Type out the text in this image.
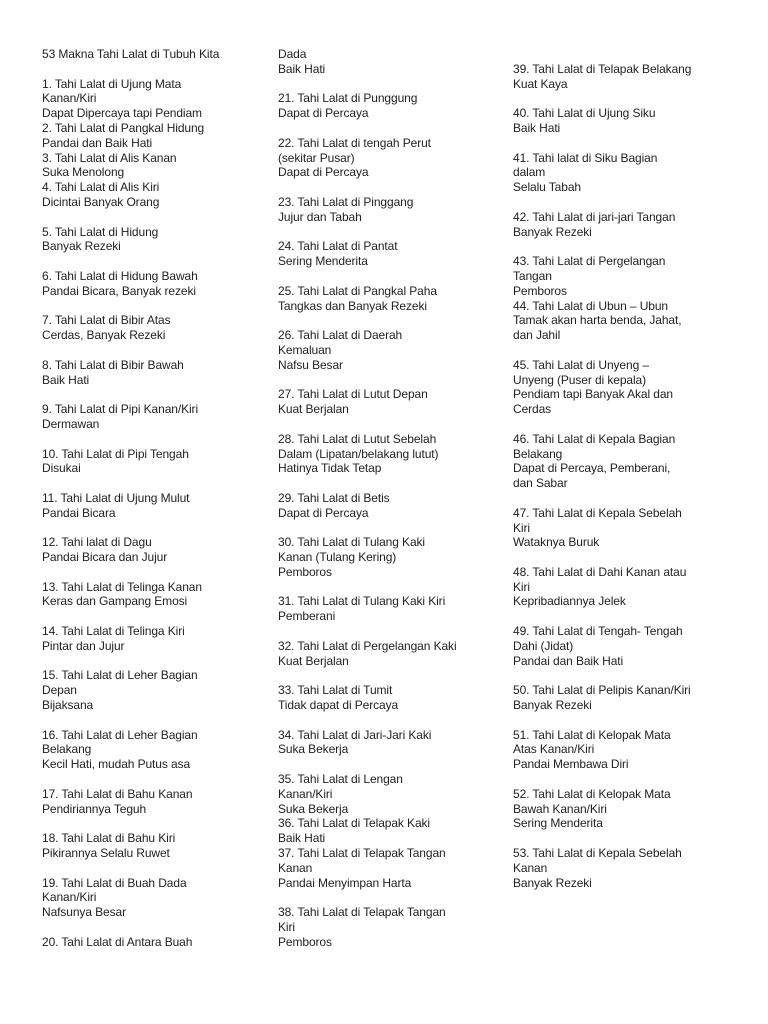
53 Makna Tahi Lalat di Tubuh Kita
1. Tahi Lalat di Ujung Mata
Kanan/Kiri
Dapat Dipercaya tapi Pendiam
2. Tahi Lalat di Pangkal Hidung
Pandai dan Baik Hati
3. Tahi Lalat di Alis Kanan
Suka Menolong
4. Tahi Lalat di Alis Kiri
Dicintai Banyak Orang
5. Tahi Lalat di Hidung
Banyak Rezeki
6. Tahi Lalat di Hidung Bawah
Pandai Bicara, Banyak rezeki
7. Tahi Lalat di Bibir Atas
Cerdas, Banyak Rezeki
8. Tahi Lalat di Bibir Bawah
Baik Hati
9. Tahi Lalat di Pipi Kanan/Kiri
Dermawan
10. Tahi Lalat di Pipi Tengah
Disukai
11. Tahi Lalat di Ujung Mulut
Pandai Bicara
12. Tahi lalat di Dagu
Pandai Bicara dan Jujur
13. Tahi Lalat di Telinga Kanan
Keras dan Gampang Emosi
14. Tahi Lalat di Telinga Kiri
Pintar dan Jujur
15. Tahi Lalat di Leher Bagian
Depan
Bijaksana
16. Tahi Lalat di Leher Bagian
Belakang
Kecil Hati, mudah Putus asa
17. Tahi Lalat di Bahu Kanan
Pendiriannya Teguh
18. Tahi Lalat di Bahu Kiri
Pikirannya Selalu Ruwet
19. Tahi Lalat di Buah Dada
Kanan/Kiri
Nafsunya Besar
20. Tahi Lalat di Antara Buah
Dada
Baik Hati
21. Tahi Lalat di Punggung
Dapat di Percaya
22. Tahi Lalat di tengah Perut
(sekitar Pusar)
Dapat di Percaya
23. Tahi Lalat di Pinggang
Jujur dan Tabah
24. Tahi Lalat di Pantat
Sering Menderita
25. Tahi Lalat di Pangkal Paha
Tangkas dan Banyak Rezeki
26. Tahi Lalat di Daerah
Kemaluan
Nafsu Besar
27. Tahi Lalat di Lutut Depan
Kuat Berjalan
28. Tahi Lalat di Lutut Sebelah
Dalam (Lipatan/belakang lutut)
Hatinya Tidak Tetap
29. Tahi Lalat di Betis
Dapat di Percaya
30. Tahi Lalat di Tulang Kaki
Kanan (Tulang Kering)
Pemboros
31. Tahi Lalat di Tulang Kaki Kiri
Pemberani
32. Tahi Lalat di Pergelangan Kaki
Kuat Berjalan
33. Tahi Lalat di Tumit
Tidak dapat di Percaya
34. Tahi Lalat di Jari-Jari Kaki
Suka Bekerja
35. Tahi Lalat di Lengan
Kanan/Kiri
Suka Bekerja
36. Tahi Lalat di Telapak Kaki
Baik Hati
37. Tahi Lalat di Telapak Tangan
Kanan
Pandai Menyimpan Harta
38. Tahi Lalat di Telapak Tangan
Kiri
Pemboros
39. Tahi Lalat di Telapak Belakang
Kuat Kaya
40. Tahi Lalat di Ujung Siku
Baik Hati
41. Tahi lalat di Siku Bagian
dalam
Selalu Tabah
42. Tahi Lalat di jari-jari Tangan
Banyak Rezeki
43. Tahi Lalat di Pergelangan
Tangan
Pemboros
44. Tahi Lalat di Ubun – Ubun
Tamak akan harta benda, Jahat,
dan Jahil
45. Tahi Lalat di Unyeng –
Unyeng (Puser di kepala)
Pendiam tapi Banyak Akal dan
Cerdas
46. Tahi Lalat di Kepala Bagian
Belakang
Dapat di Percaya, Pemberani,
dan Sabar
47. Tahi Lalat di Kepala Sebelah
Kiri
Wataknya Buruk
48. Tahi Lalat di Dahi Kanan atau
Kiri
Kepribadiannya Jelek
49. Tahi Lalat di Tengah- Tengah
Dahi (Jidat)
Pandai dan Baik Hati
50. Tahi Lalat di Pelipis Kanan/Kiri
Banyak Rezeki
51. Tahi Lalat di Kelopak Mata
Atas Kanan/Kiri
Pandai Membawa Diri
52. Tahi Lalat di Kelopak Mata
Bawah Kanan/Kiri
Sering Menderita
53. Tahi Lalat di Kepala Sebelah
Kanan
Banyak Rezeki
